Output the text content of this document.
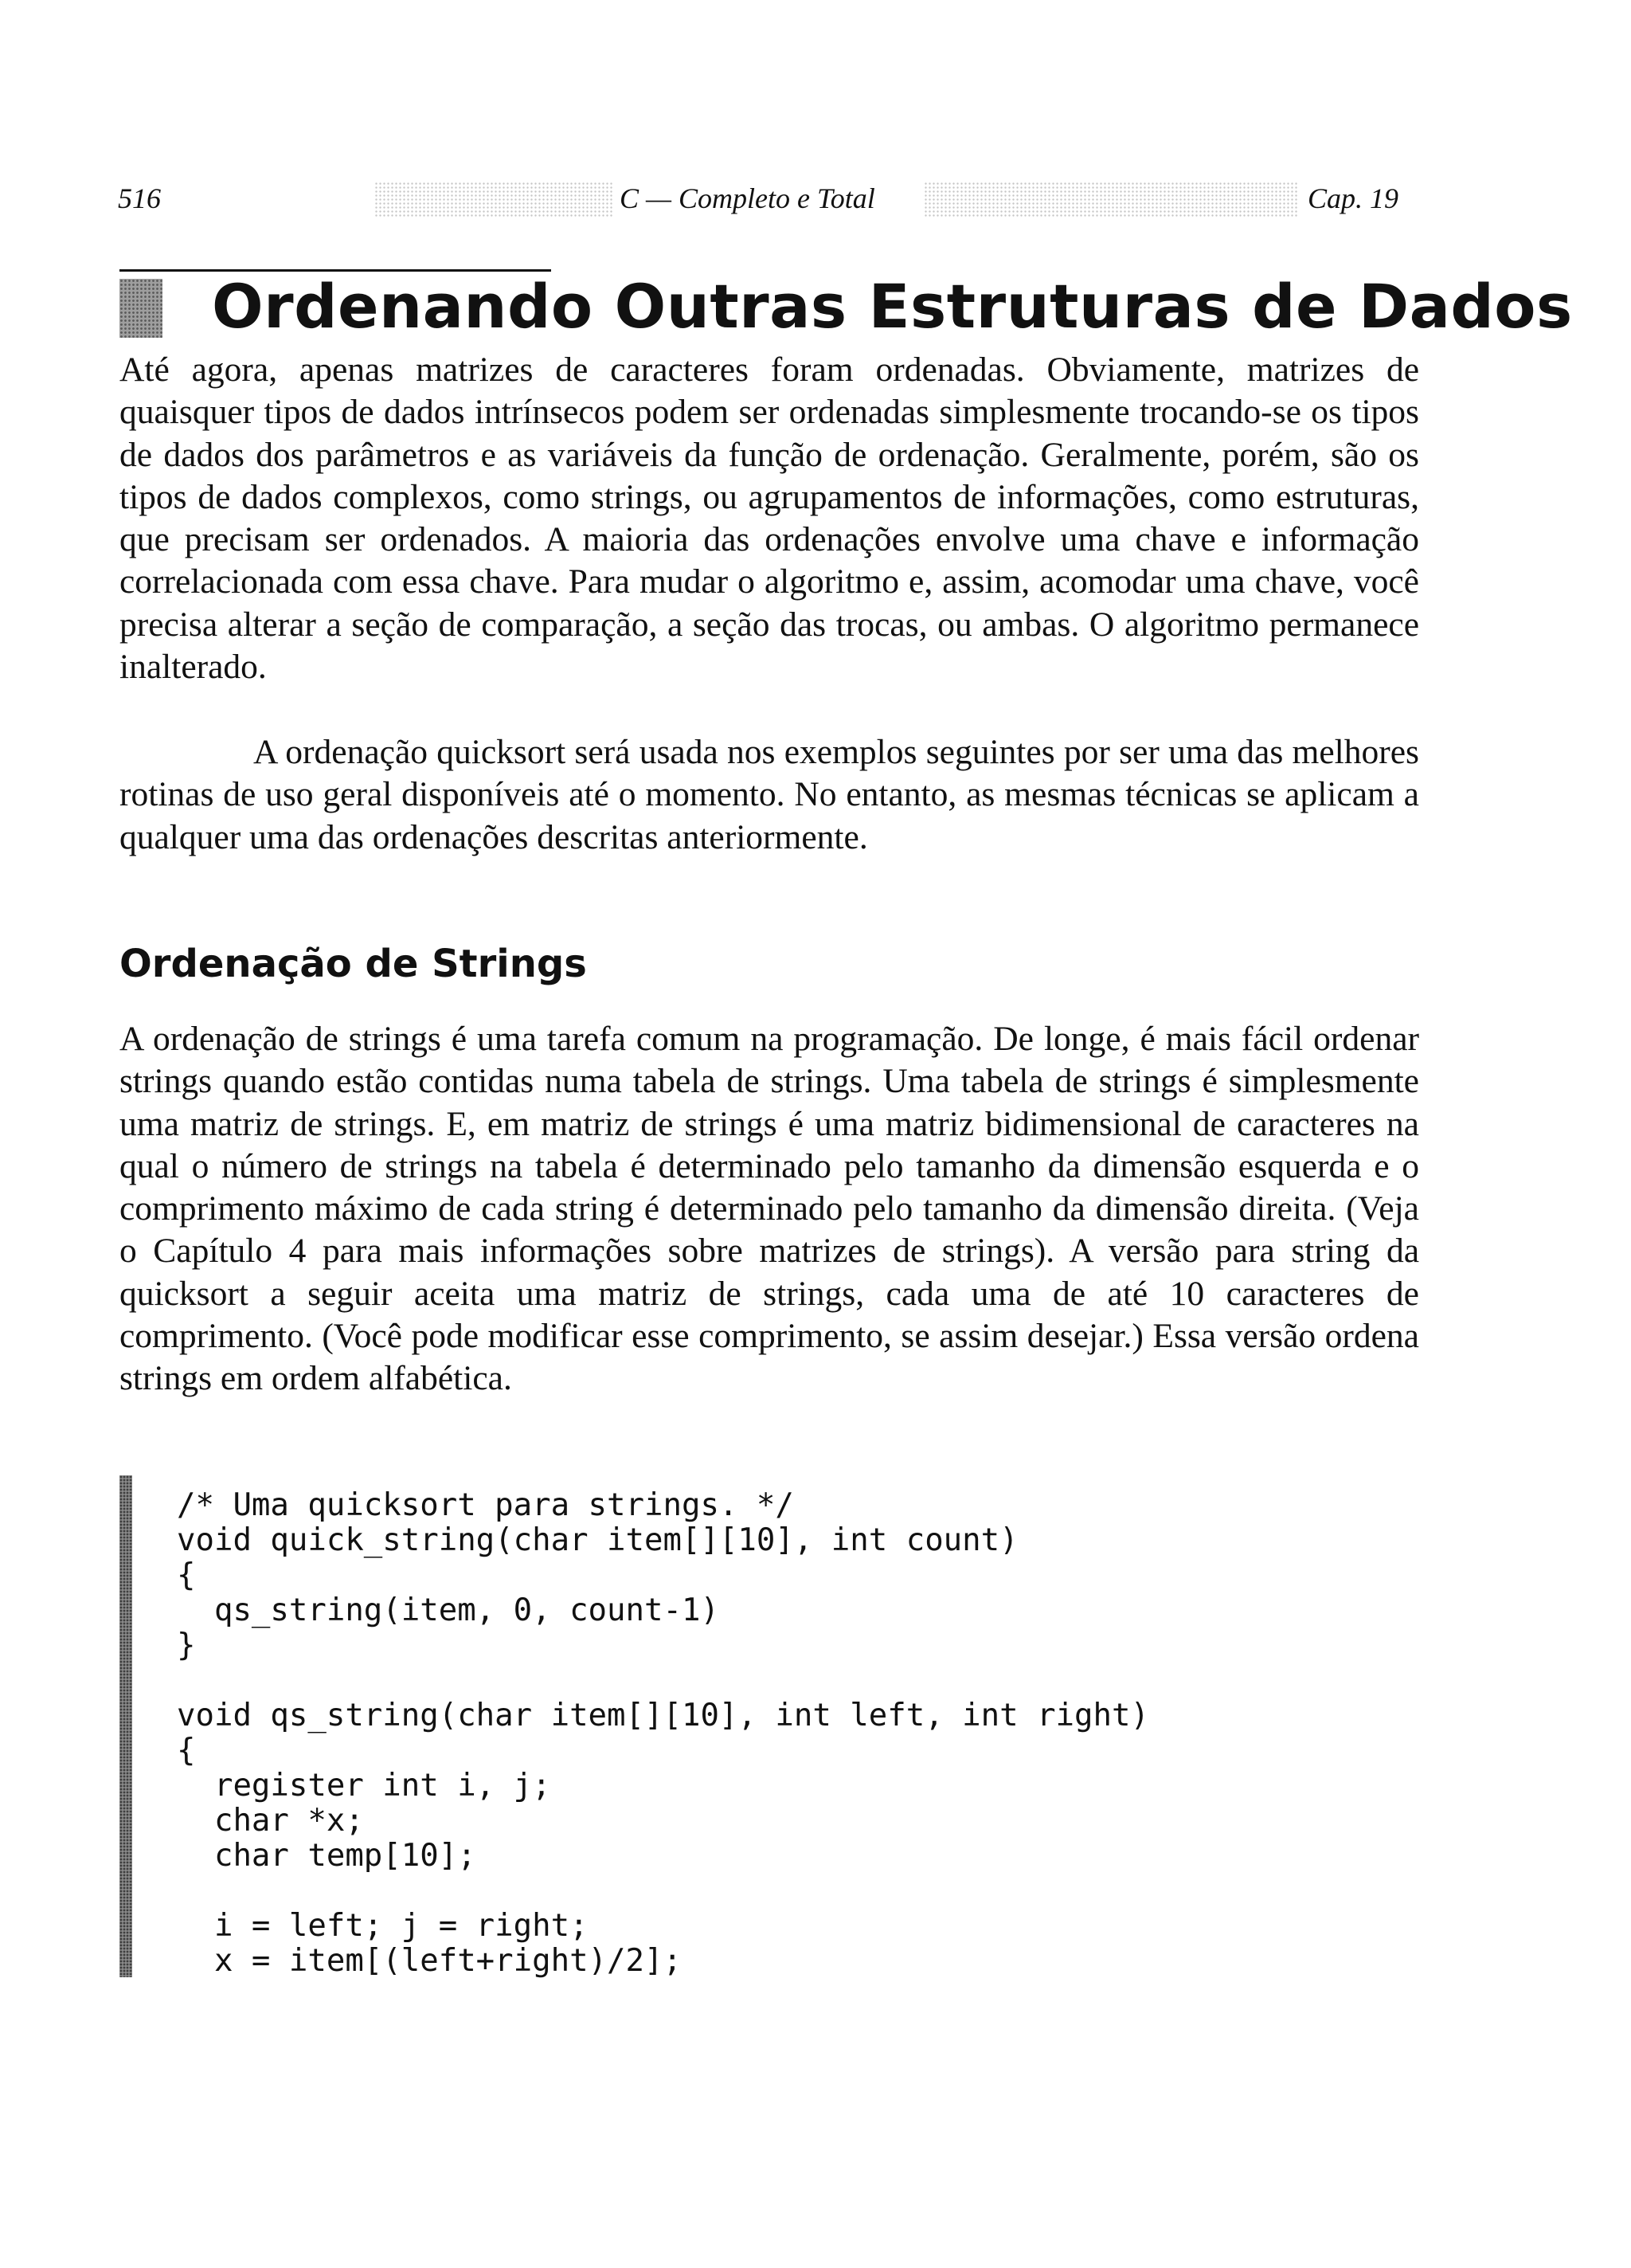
516	C — Completo e Total	Cap. 19
Ordenando Outras Estruturas de Dados

Até agora, apenas matrizes de caracteres foram ordenadas. Obviamente, matrizes de quaisquer tipos de dados intrínsecos podem ser ordenadas simplesmente trocando-se os tipos de dados dos parâmetros e as variáveis da função de ordenação. Geralmente, porém, são os tipos de dados complexos, como strings, ou agrupamentos de informações, como estruturas, que precisam ser ordenados. A maioria das ordenações envolve uma chave e informação correlacionada com essa chave. Para mudar o algoritmo e, assim, acomodar uma chave, você precisa alterar a seção de comparação, a seção das trocas, ou ambas. O algoritmo permanece inalterado.

A ordenação quicksort será usada nos exemplos seguintes por ser uma das melhores rotinas de uso geral disponíveis até o momento. No entanto, as mesmas técnicas se aplicam a qualquer uma das ordenações descritas anteriormente.

Ordenação de Strings

A ordenação de strings é uma tarefa comum na programação. De longe, é mais fácil ordenar strings quando estão contidas numa tabela de strings. Uma tabela de strings é simplesmente uma matriz de strings. E, em matriz de strings é uma matriz bidimensional de caracteres na qual o número de strings na tabela é determinado pelo tamanho da dimensão esquerda e o comprimento máximo de cada string é determinado pelo tamanho da dimensão direita. (Veja o Capítulo 4 para mais informações sobre matrizes de strings). A versão para string da quicksort a seguir aceita uma matriz de strings, cada uma de até 10 caracteres de comprimento. (Você pode modificar esse comprimento, se assim desejar.) Essa versão ordena strings em ordem alfabética.

/* Uma quicksort para strings. */
void quick_string(char item[][10], int count)
{
qs_string(item, 0, count-1)
}
void qs_string(char item[][10], int left, int right)
{
register int i, j;
char *x;
char temp[10];
i = left; j = right;
x = item[(left+right)/2];
